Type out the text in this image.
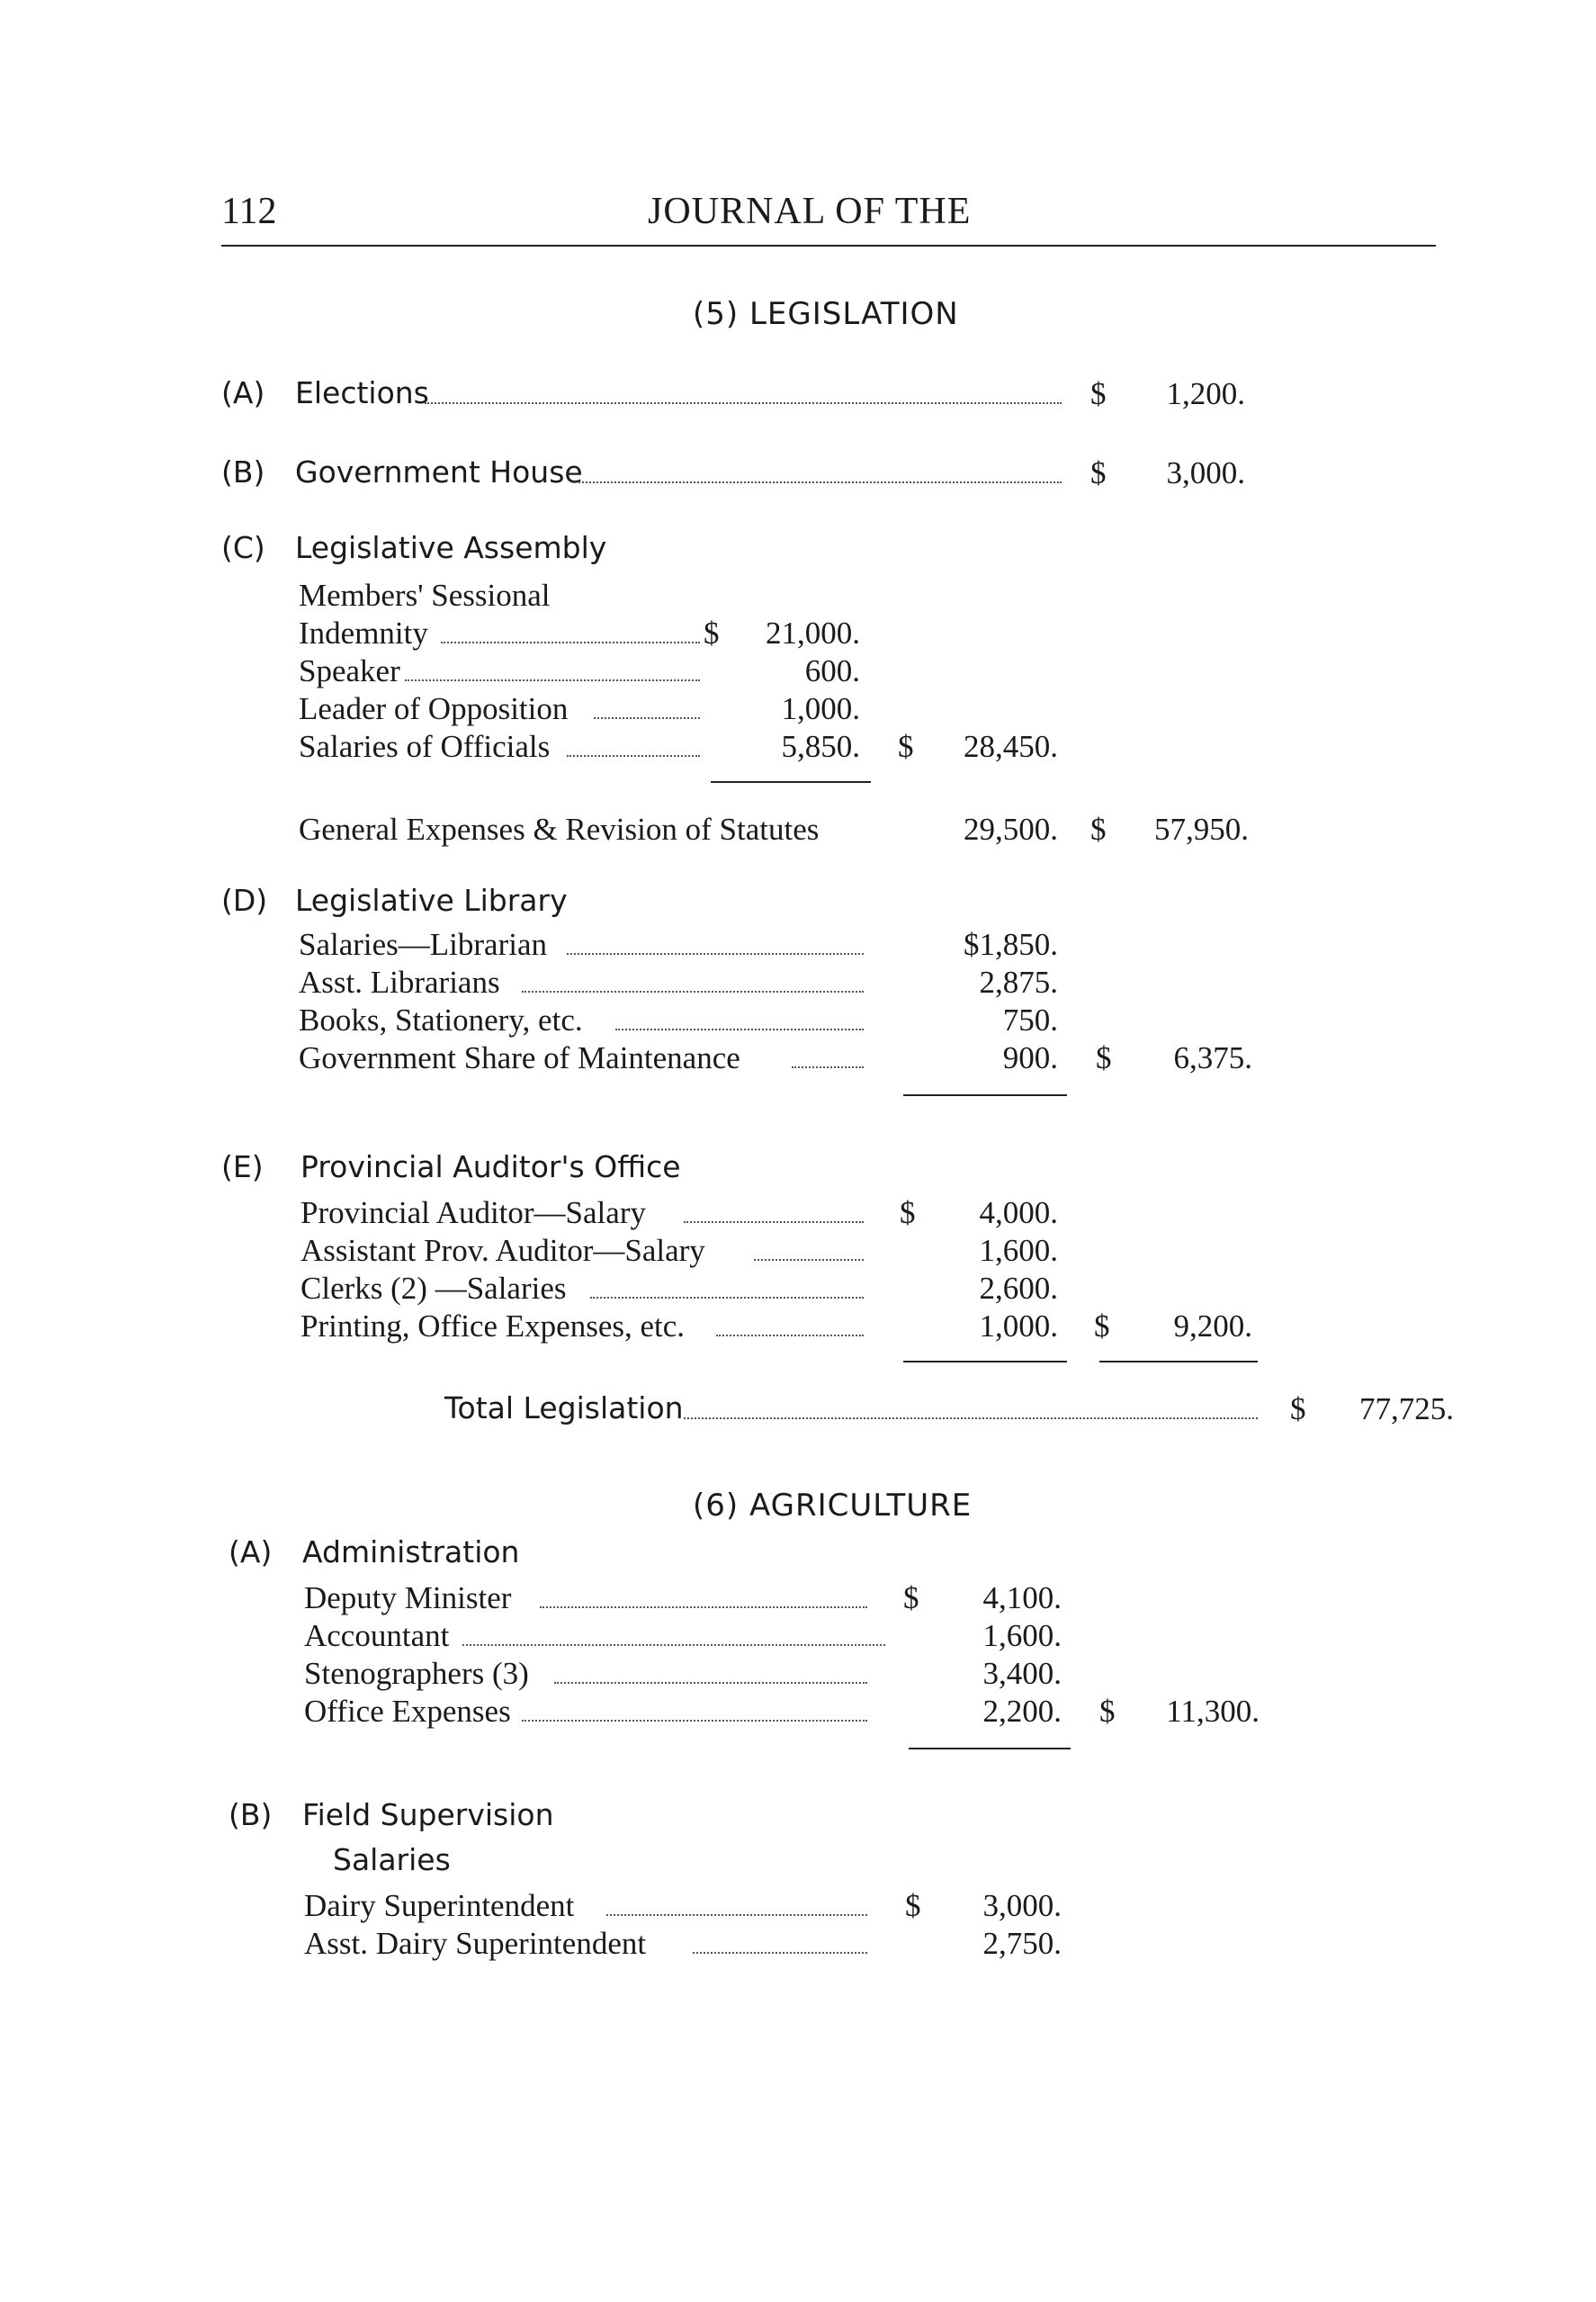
112	JOURNAL OF THE
(5) LEGISLATION
(A) Elections	$	1,200.
(B) Government House	$	3,000.
(C) Legislative Assembly
Members' Sessional
Indemnity	$	21,000.
Speaker	600.
Leader of Opposition	1,000.
Salaries of Officials	5,850. $	28,450.
General Expenses & Revision of Statutes	29,500. $	57,950.
(D) Legislative Library
Salaries—Librarian	$1,850.
Asst. Librarians	2,875.
Books, Stationery, etc.	750.
Government Share of Maintenance	900. $	6,375.
(E) Provincial Auditor's Office
Provincial Auditor—Salary	$	4,000.
Assistant Prov. Auditor—Salary	1,600.
Clerks (2) —Salaries	2,600.
Printing, Office Expenses, etc.	1,000. $	9,200.
Total Legislation	$	77,725.
(6) AGRICULTURE
(A) Administration
Deputy Minister	$	4,100.
Accountant	1,600.
Stenographers (3)	3,400.
Office Expenses	2,200. $	11,300.
(B) Field Supervision
Salaries
Dairy Superintendent	$	3,000.
Asst. Dairy Superintendent	2,750.
